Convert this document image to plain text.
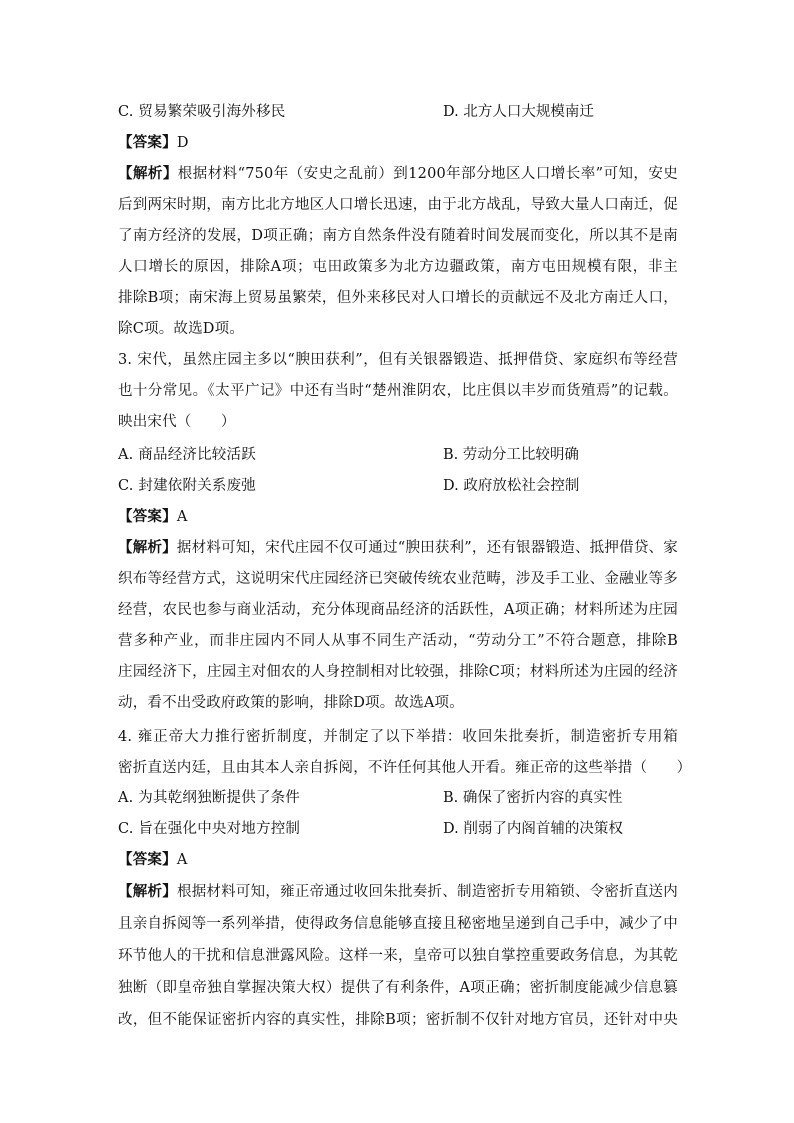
C. 贸易繁荣吸引海外移民	D. 北方人口大规模南迁
【答案】D
【解析】根据材料“750年（安史之乱前）到1200年部分地区人口增长率”可知，安史
后到两宋时期，南方比北方地区人口增长迅速，由于北方战乱，导致大量人口南迁，促
了南方经济的发展，D项正确；南方自然条件没有随着时间发展而变化，所以其不是南
人口增长的原因，排除A项；屯田政策多为北方边疆政策，南方屯田规模有限，非主
排除B项；南宋海上贸易虽繁荣，但外来移民对人口增长的贡献远不及北方南迁人口，
除C项。故选D项。
3. 宋代，虽然庄园主多以“腴田获利”，但有关银器锻造、抵押借贷、家庭织布等经营
也十分常见。《太平广记》中还有当时“楚州淮阴农，比庄俱以丰岁而货殖焉”的记载。
映出宋代（　　）
A. 商品经济比较活跃	B. 劳动分工比较明确
C. 封建依附关系废弛	D. 政府放松社会控制
【答案】A
【解析】据材料可知，宋代庄园不仅可通过“腴田获利”，还有银器锻造、抵押借贷、家
织布等经营方式，这说明宋代庄园经济已突破传统农业范畴，涉及手工业、金融业等多
经营，农民也参与商业活动，充分体现商品经济的活跃性，A项正确；材料所述为庄园
营多种产业，而非庄园内不同人从事不同生产活动，“劳动分工”不符合题意，排除B
庄园经济下，庄园主对佃农的人身控制相对比较强，排除C项；材料所述为庄园的经济
动，看不出受政府政策的影响，排除D项。故选A项。
4. 雍正帝大力推行密折制度，并制定了以下举措：收回朱批奏折，制造密折专用箱
密折直送内廷，且由其本人亲自拆阅，不许任何其他人开看。雍正帝的这些举措（　　）
A. 为其乾纲独断提供了条件	B. 确保了密折内容的真实性
C. 旨在强化中央对地方控制	D. 削弱了内阁首辅的决策权
【答案】A
【解析】根据材料可知，雍正帝通过收回朱批奏折、制造密折专用箱锁、令密折直送内
且亲自拆阅等一系列举措，使得政务信息能够直接且秘密地呈递到自己手中，减少了中
环节他人的干扰和信息泄露风险。这样一来，皇帝可以独自掌控重要政务信息，为其乾
独断（即皇帝独自掌握决策大权）提供了有利条件，A项正确；密折制度能减少信息篡
改，但不能保证密折内容的真实性，排除B项；密折制不仅针对地方官员，还针对中央
